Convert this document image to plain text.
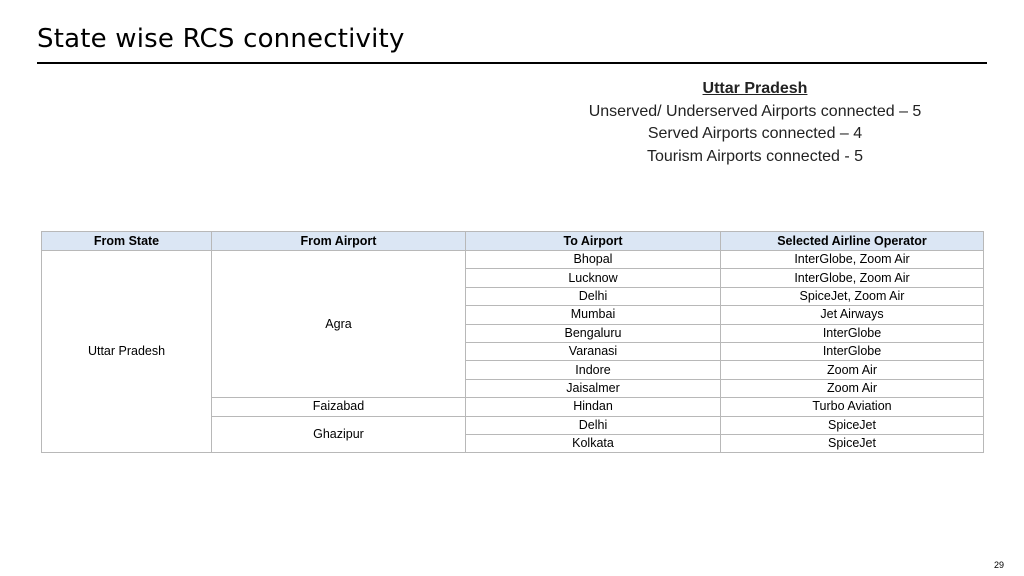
State wise RCS connectivity
Uttar Pradesh
Unserved/ Underserved Airports connected – 5
Served Airports connected – 4
Tourism Airports connected - 5
From State	From Airport	To Airport	Selected Airline Operator
Uttar Pradesh	Agra	Bhopal	InterGlobe, Zoom Air
		Lucknow	InterGlobe, Zoom Air
		Delhi	SpiceJet, Zoom Air
		Mumbai	Jet Airways
		Bengaluru	InterGlobe
		Varanasi	InterGlobe
		Indore	Zoom Air
		Jaisalmer	Zoom Air
	Faizabad	Hindan	Turbo Aviation
	Ghazipur	Delhi	SpiceJet
		Kolkata	SpiceJet
29
